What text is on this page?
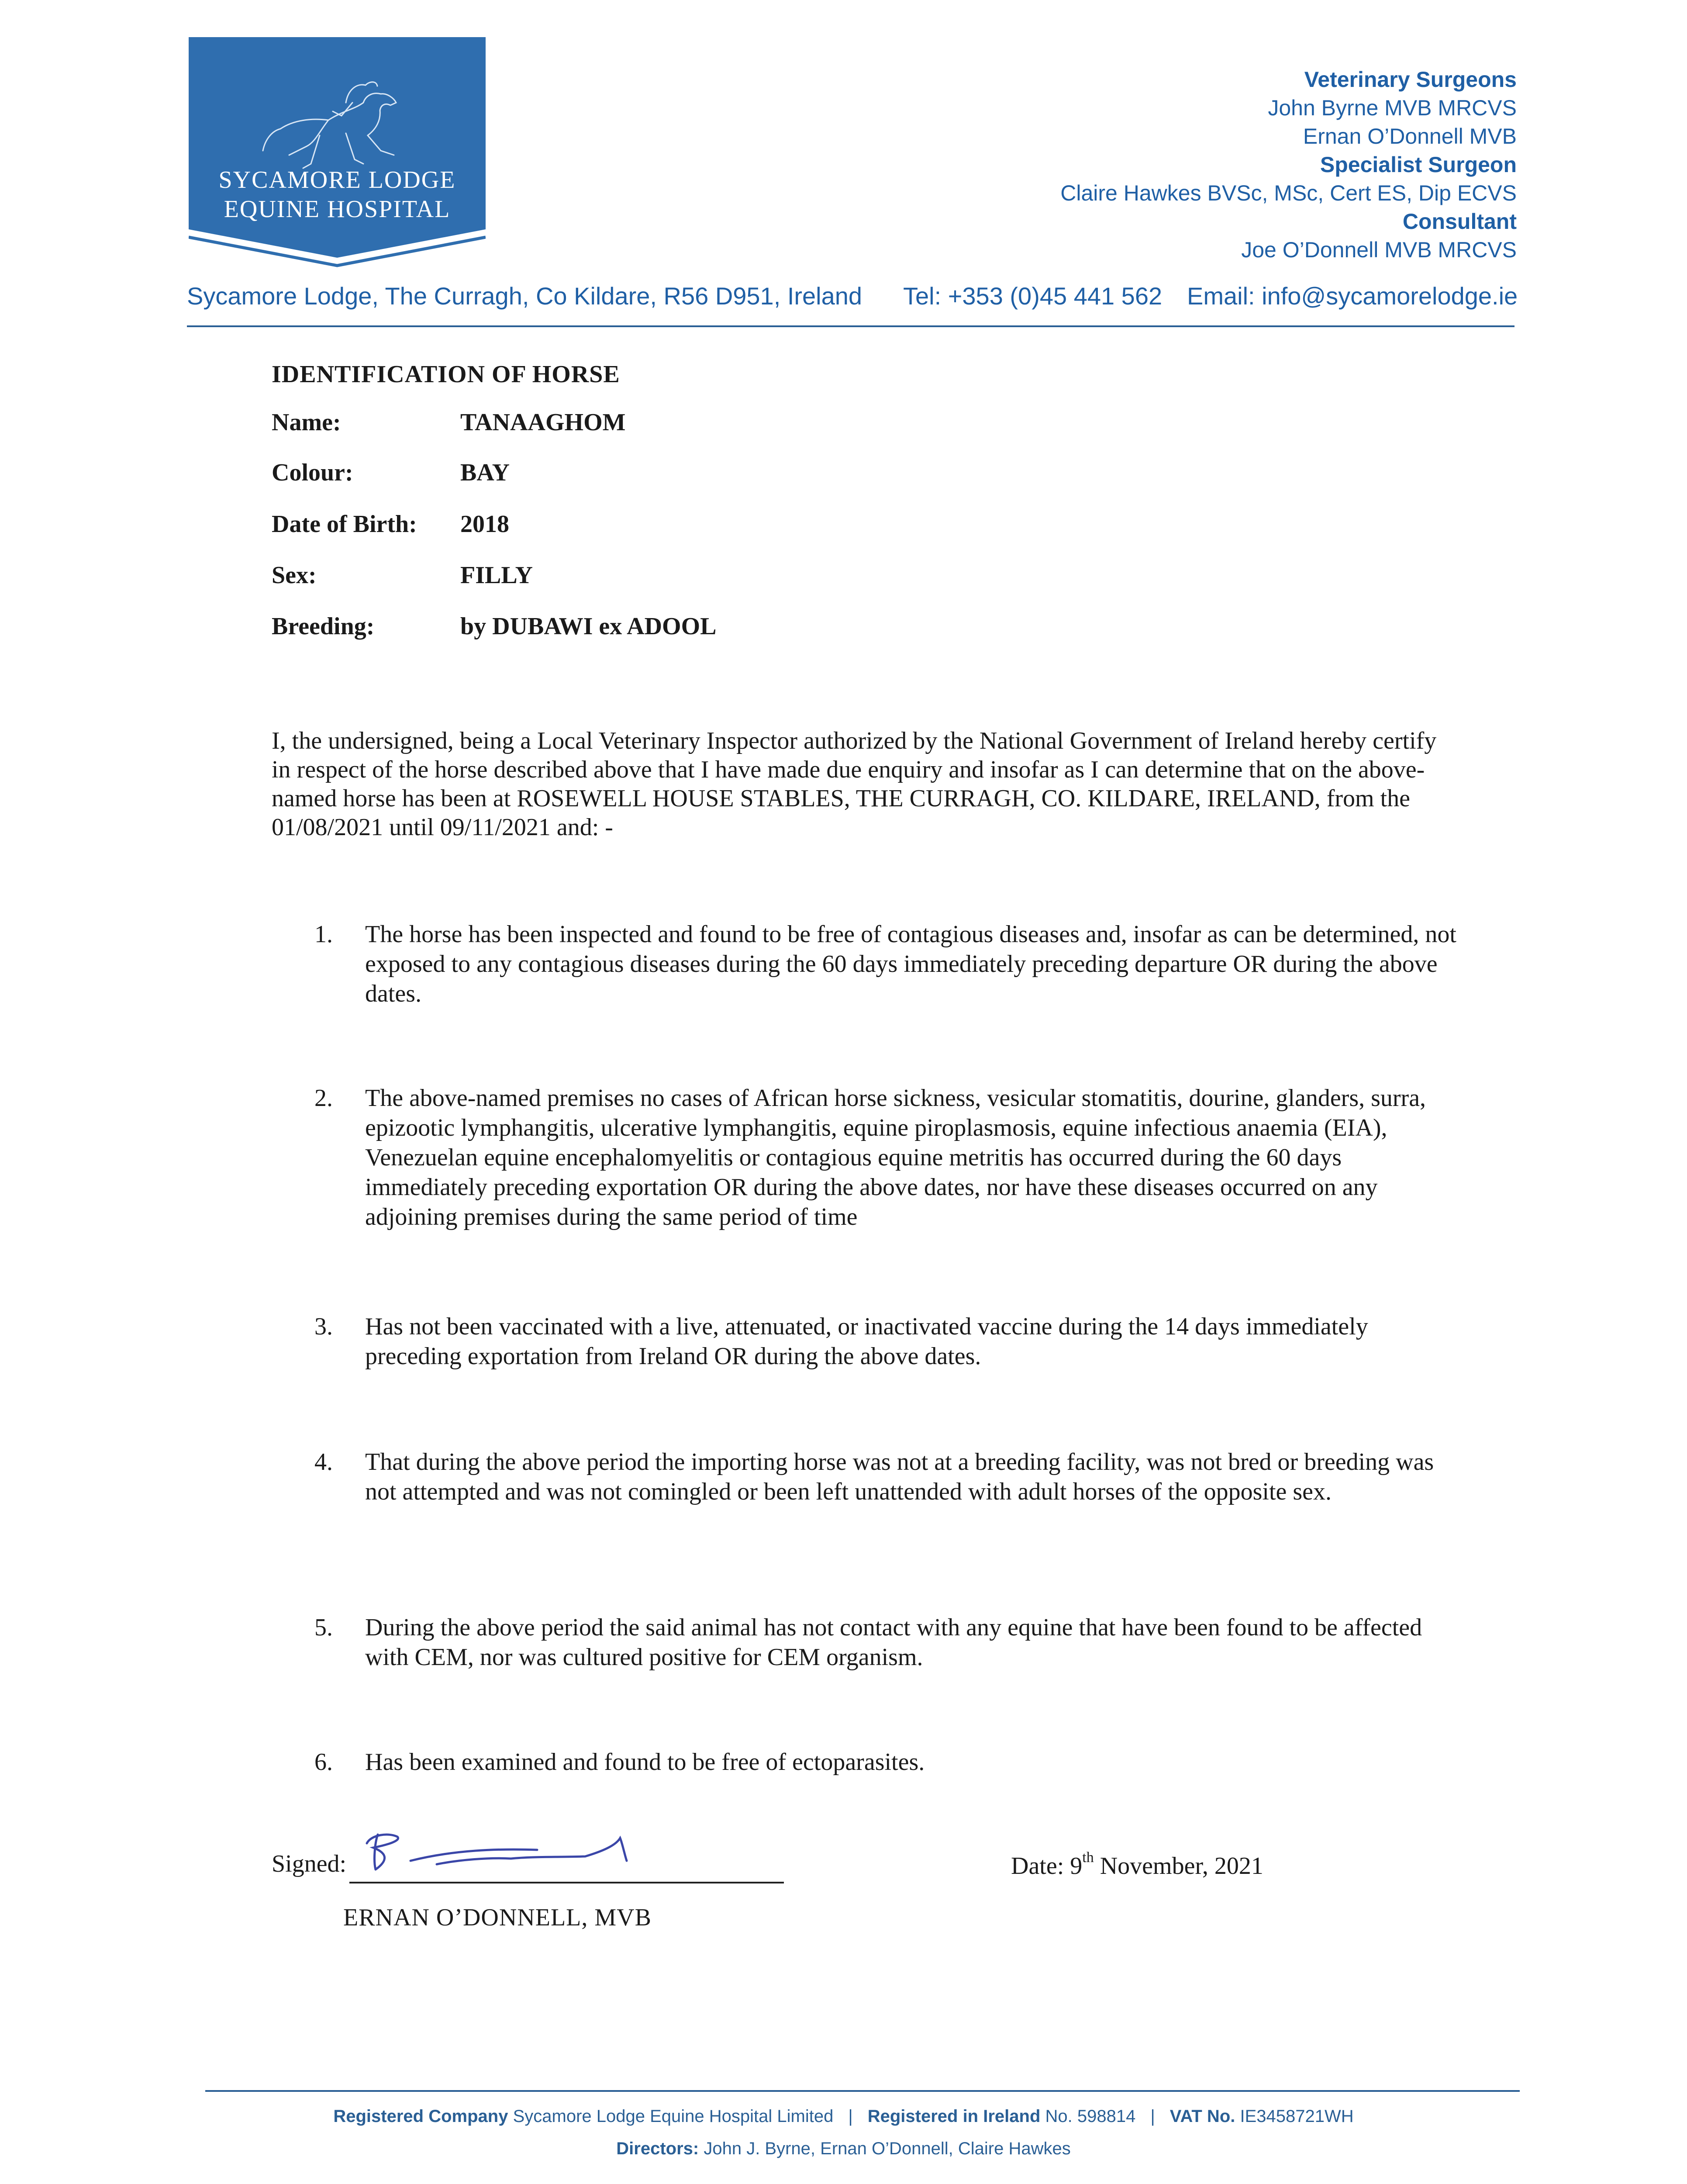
SYCAMORE LODGE
EQUINE HOSPITAL
Veterinary Surgeons
John Byrne MVB MRCVS
Ernan O’Donnell MVB
Specialist Surgeon
Claire Hawkes BVSc, MSc, Cert ES, Dip ECVS
Consultant
Joe O’Donnell MVB MRCVS
Sycamore Lodge, The Curragh, Co Kildare, R56 D951, Ireland Tel: +353 (0)45 441 562 Email: info@sycamorelodge.ie
IDENTIFICATION OF HORSE
Name:	TANAAGHOM
Colour:	BAY
Date of Birth: 2018
Sex:	FILLY
Breeding:	by DUBAWI ex ADOOL
I, the undersigned, being a Local Veterinary Inspector authorized by the National Government of Ireland hereby certify in respect of the horse described above that I have made due enquiry and insofar as I can determine that on the above-named horse has been at ROSEWELL HOUSE STABLES, THE CURRAGH, CO. KILDARE, IRELAND, from the 01/08/2021 until 09/11/2021 and: -
1. The horse has been inspected and found to be free of contagious diseases and, insofar as can be determined, not exposed to any contagious diseases during the 60 days immediately preceding departure OR during the above dates.
2. The above-named premises no cases of African horse sickness, vesicular stomatitis, dourine, glanders, surra, epizootic lymphangitis, ulcerative lymphangitis, equine piroplasmosis, equine infectious anaemia (EIA), Venezuelan equine encephalomyelitis or contagious equine metritis has occurred during the 60 days immediately preceding exportation OR during the above dates, nor have these diseases occurred on any adjoining premises during the same period of time
3. Has not been vaccinated with a live, attenuated, or inactivated vaccine during the 14 days immediately preceding exportation from Ireland OR during the above dates.
4. That during the above period the importing horse was not at a breeding facility, was not bred or breeding was not attempted and was not comingled or been left unattended with adult horses of the opposite sex.
5. During the above period the said animal has not contact with any equine that have been found to be affected with CEM, nor was cultured positive for CEM organism.
6. Has been examined and found to be free of ectoparasites.
Signed:
ERNAN O’DONNELL, MVB
Date: 9th November, 2021
Registered Company Sycamore Lodge Equine Hospital Limited | Registered in Ireland No. 598814 | VAT No. IE3458721WH
Directors: John J. Byrne, Ernan O’Donnell, Claire Hawkes
